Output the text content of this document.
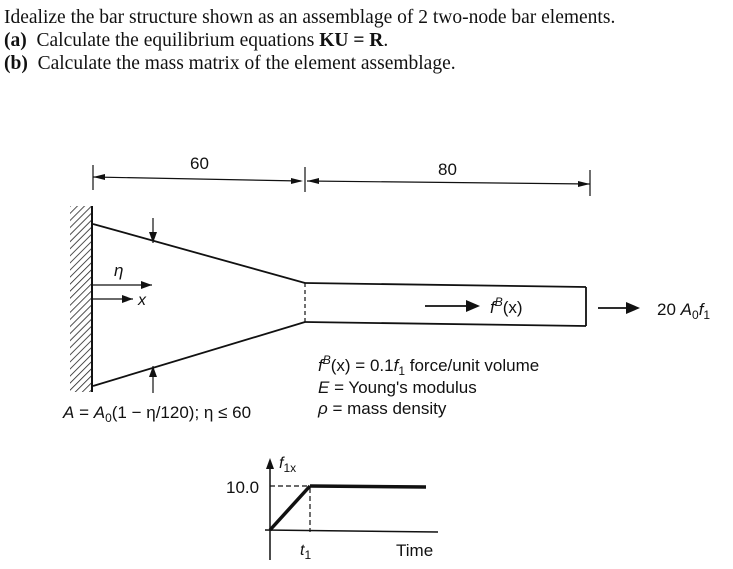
Idealize the bar structure shown as an assemblage of 2 two-node bar elements.
(a) Calculate the equilibrium equations KU = R.
(b) Calculate the mass matrix of the element assemblage.
60	80
η
x	$f^B(x)$	20 $A_0f_1$
$A = A_0(1 - \eta/120)$; η ≤ 60
$f^B(x) = 0.1f_1$ force/unit volume
E = Young's modulus
ρ = mass density
$f_{1x}$
10.0
$t_1$	Time
